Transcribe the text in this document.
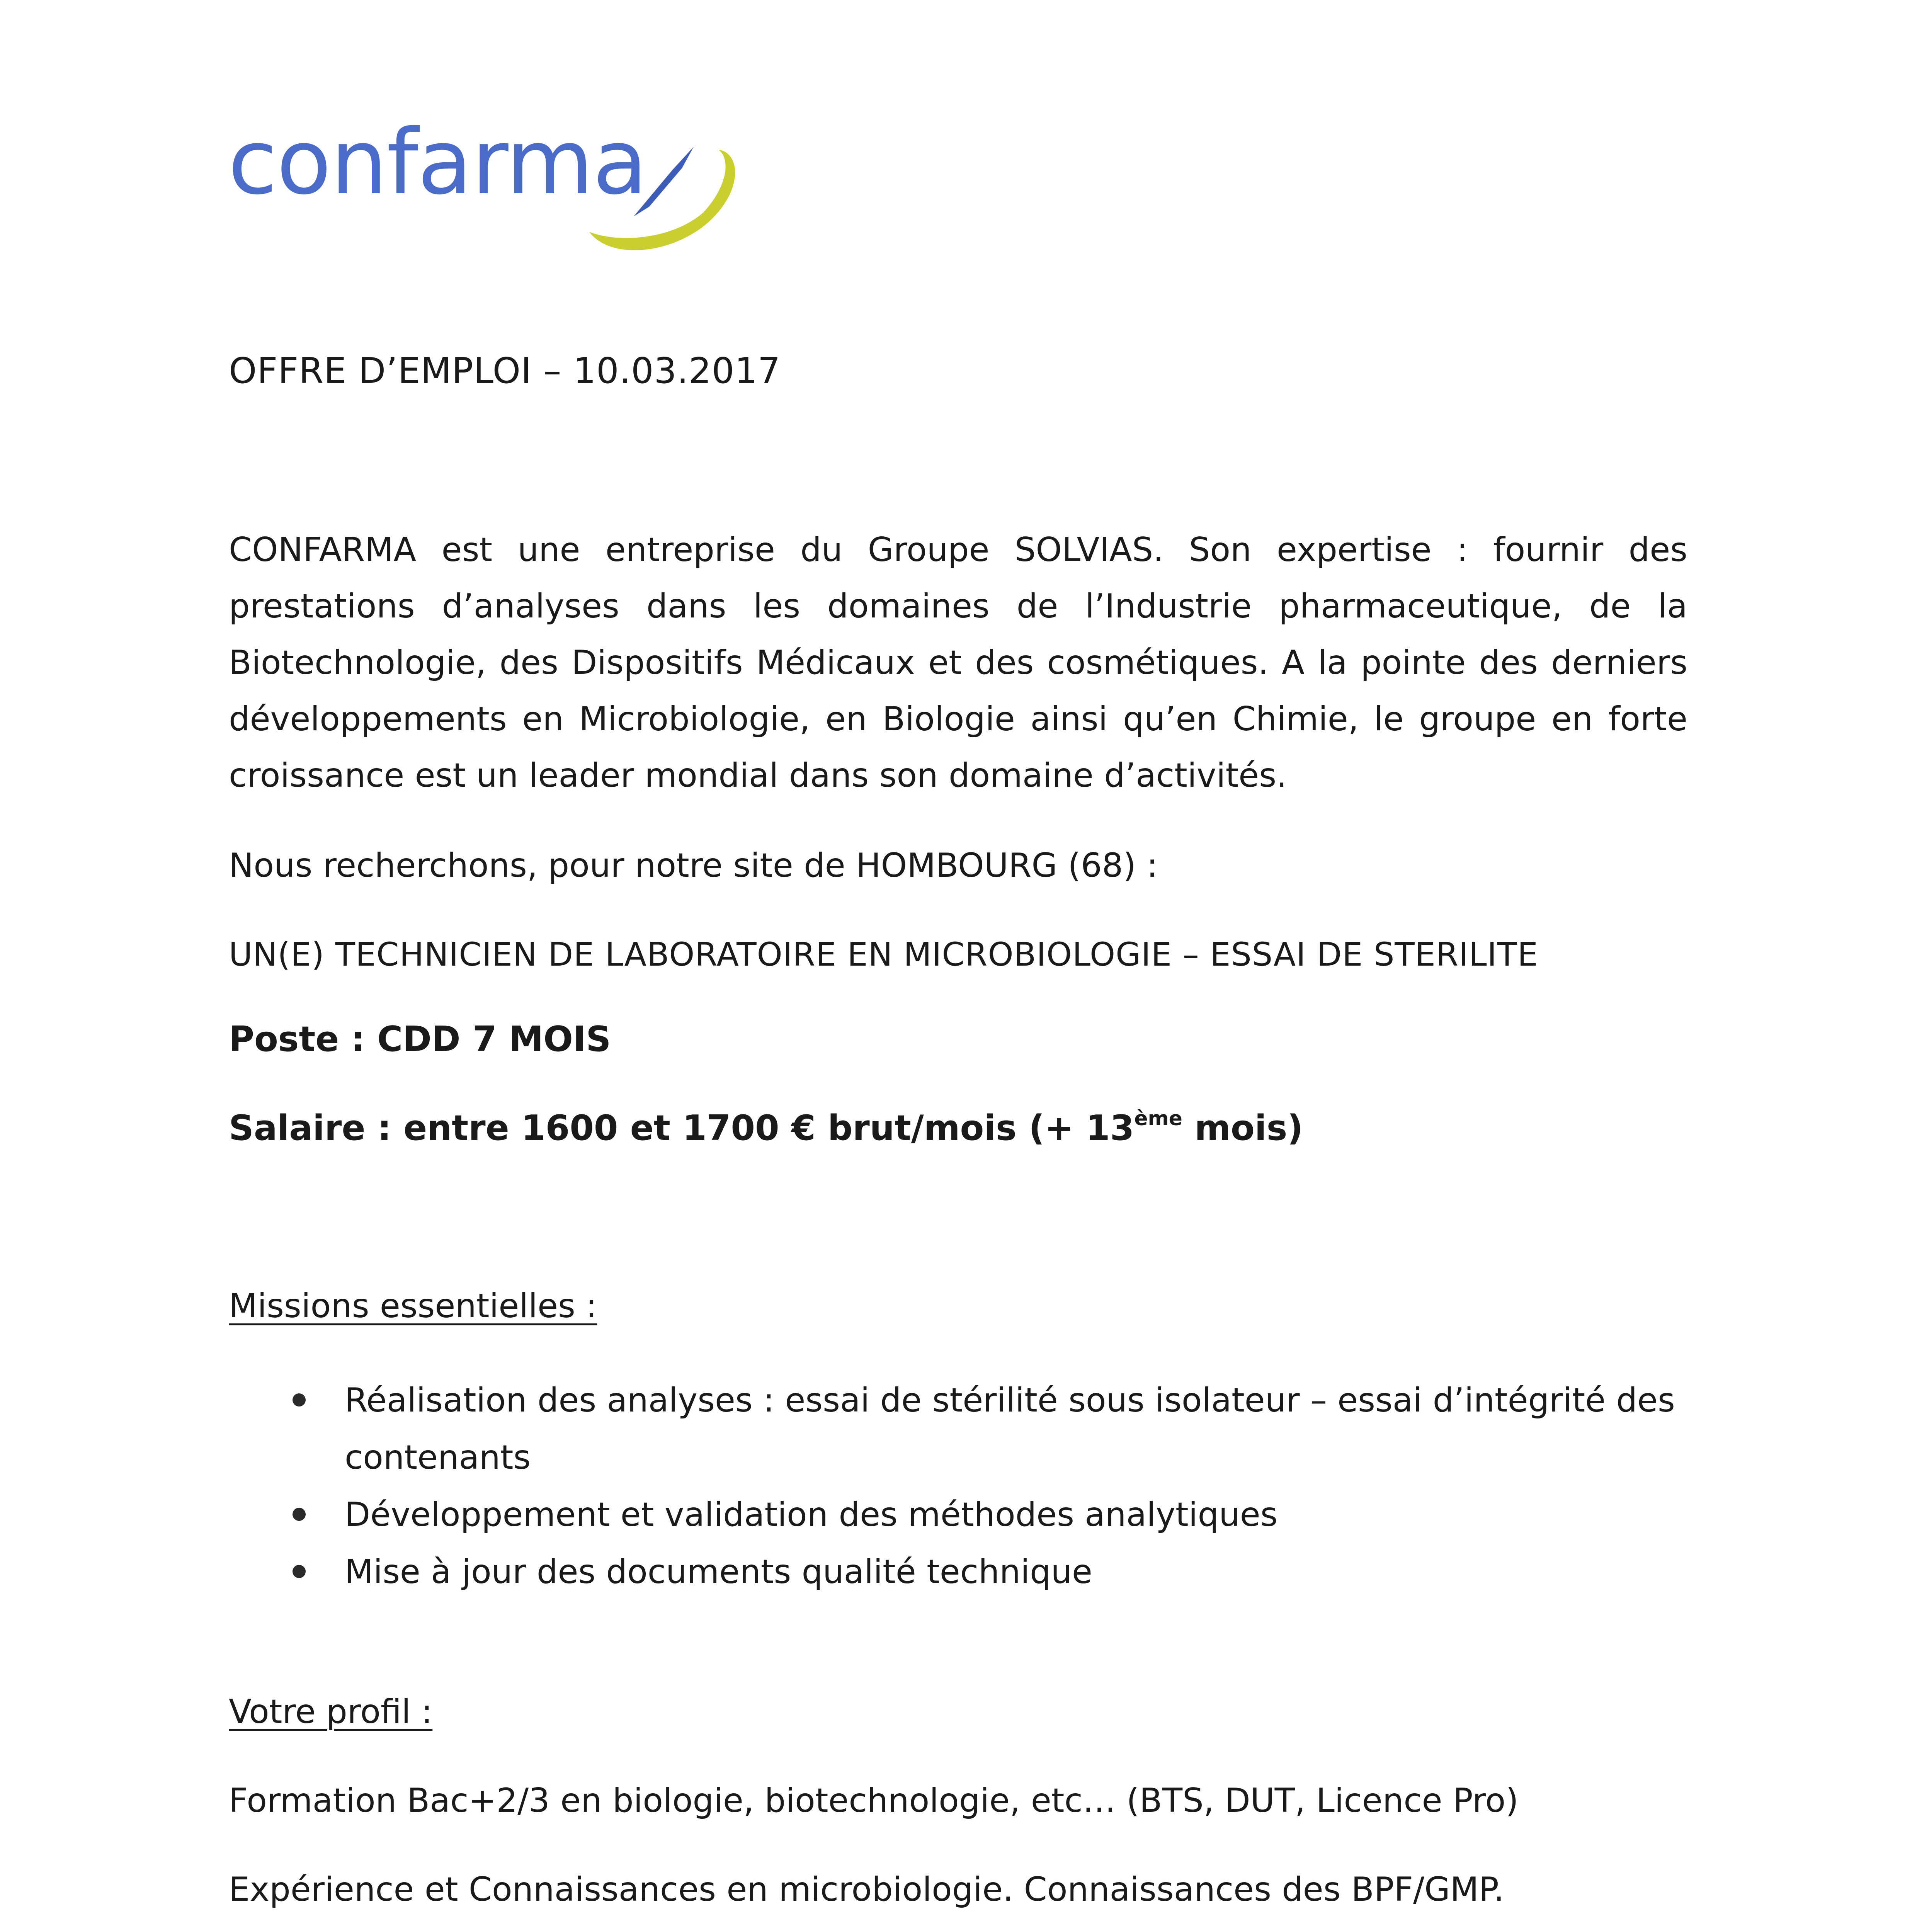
confarma
OFFRE D’EMPLOI – 10.03.2017
CONFARMA est une entreprise du Groupe SOLVIAS. Son expertise : fournir des prestations d’analyses dans les domaines de l’Industrie pharmaceutique, de la Biotechnologie, des Dispositifs Médicaux et des cosmétiques. A la pointe des derniers développements en Microbiologie, en Biologie ainsi qu’en Chimie, le groupe en forte croissance est un leader mondial dans son domaine d’activités.
Nous recherchons, pour notre site de HOMBOURG (68) :
UN(E) TECHNICIEN DE LABORATOIRE EN MICROBIOLOGIE – ESSAI DE STERILITE
Poste : CDD 7 MOIS
Salaire : entre 1600 et 1700 € brut/mois (+ 13ème mois)
Missions essentielles :
Réalisation des analyses : essai de stérilité sous isolateur – essai d’intégrité des contenants
Développement et validation des méthodes analytiques
Mise à jour des documents qualité technique
Votre profil :
Formation Bac+2/3 en biologie, biotechnologie, etc… (BTS, DUT, Licence Pro)
Expérience et Connaissances en microbiologie. Connaissances des BPF/GMP.
